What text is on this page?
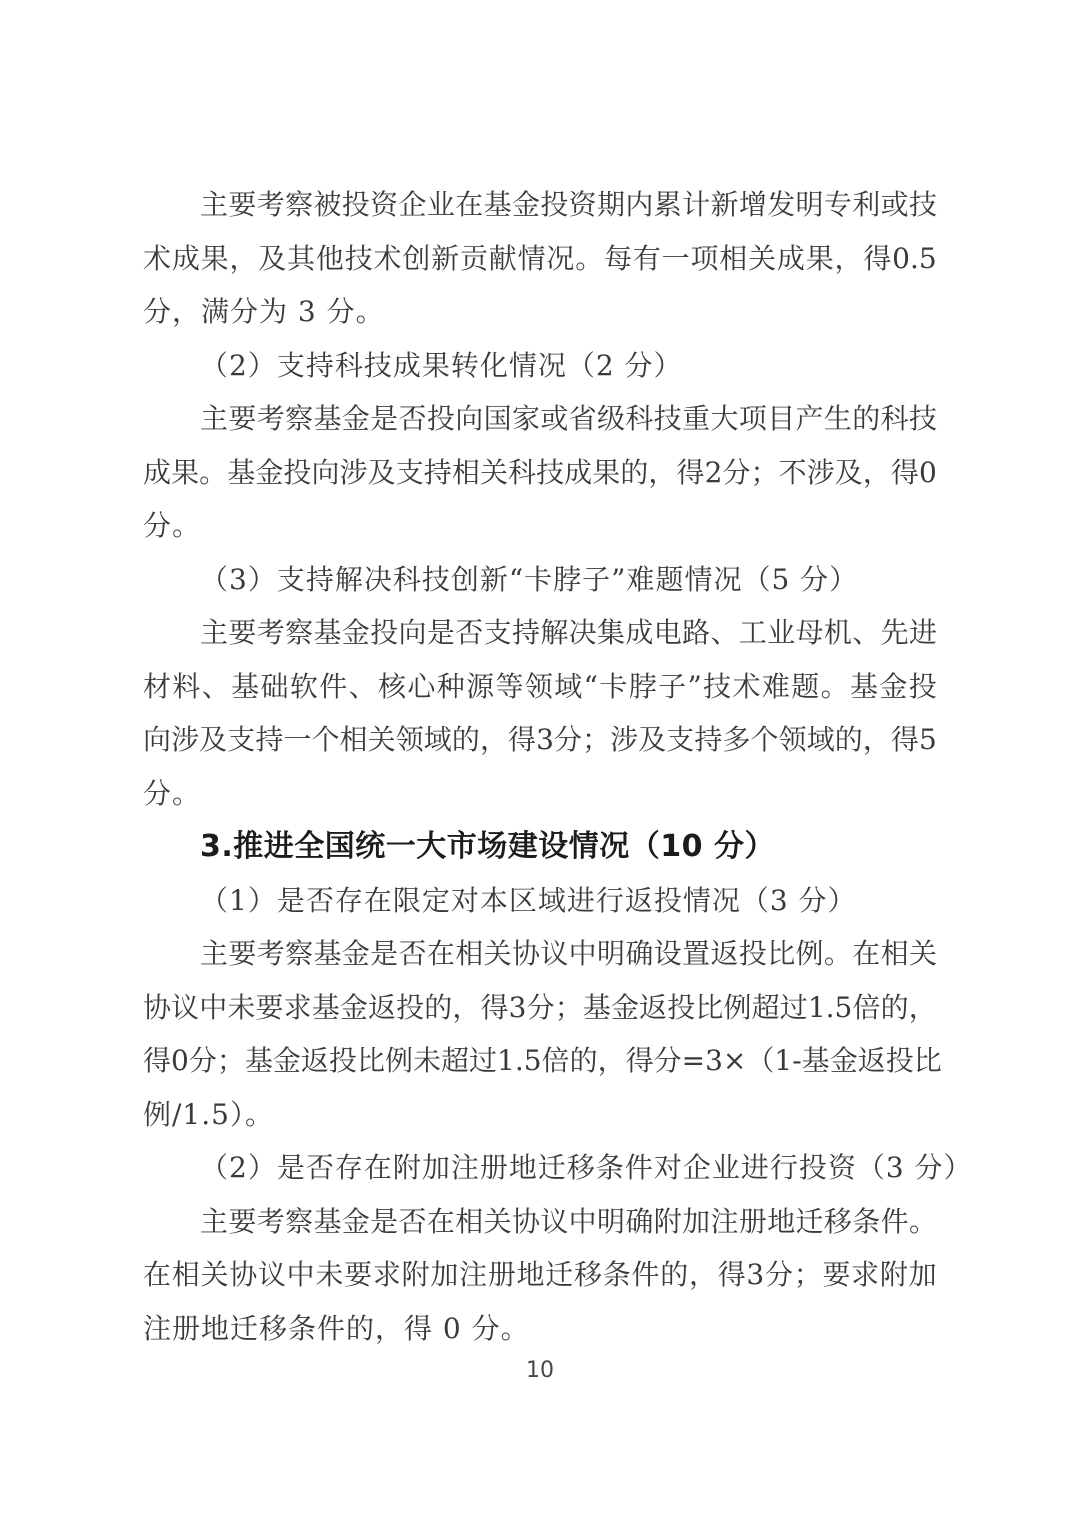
主 要 考 察 被 投 资 企 业 在 基 金 投 资 期 内 累 计 新 增 发 明 专 利 或 技
术 成 果 ， 及 其 他 技 术 创 新 贡 献 情 况 。 每 有 一 项 相 关 成 果 ， 得 0.5
分，满分为 3 分。
（2）支持科技成果转化情况（2 分）
主 要 考 察 基 金 是 否 投 向 国 家 或 省 级 科 技 重 大 项 目 产 生 的 科 技
成 果 。 基 金 投 向 涉 及 支 持 相 关 科 技 成 果 的 ， 得 2 分 ； 不 涉 及 ， 得 0
分。
（3）支持解决科技创新“卡脖子”难题情况（5 分）
主 要 考 察 基 金 投 向 是 否 支 持 解 决 集 成 电 路 、 工 业 母 机 、 先 进
材 料 、 基 础 软 件 、 核 心 种 源 等 领 域 “ 卡 脖 子 ” 技 术 难 题 。 基 金 投
向 涉 及 支 持 一 个 相 关 领 域 的 ， 得 3 分 ； 涉 及 支 持 多 个 领 域 的 ， 得 5
分。
3.推进全国统一大市场建设情况（10 分）
（1）是否存在限定对本区域进行返投情况（3 分）
主 要 考 察 基 金 是 否 在 相 关 协 议 中 明 确 设 置 返 投 比 例 。 在 相 关
协 议 中 未 要 求 基 金 返 投 的 ， 得 3 分 ； 基 金 返 投 比 例 超 过 1.5 倍 的 ，
得 0 分 ； 基 金 返 投 比 例 未 超 过 1.5 倍 的 ， 得 分 =3× （ 1- 基 金 返 投 比
例/1.5）。
（2）是否存在附加注册地迁移条件对企业进行投资（3 分）
主 要 考 察 基 金 是 否 在 相 关 协 议 中 明 确 附 加 注 册 地 迁 移 条 件 。
在 相 关 协 议 中 未 要 求 附 加 注 册 地 迁 移 条 件 的 ， 得 3 分 ； 要 求 附 加
注册地迁移条件的，得 0 分。
10
